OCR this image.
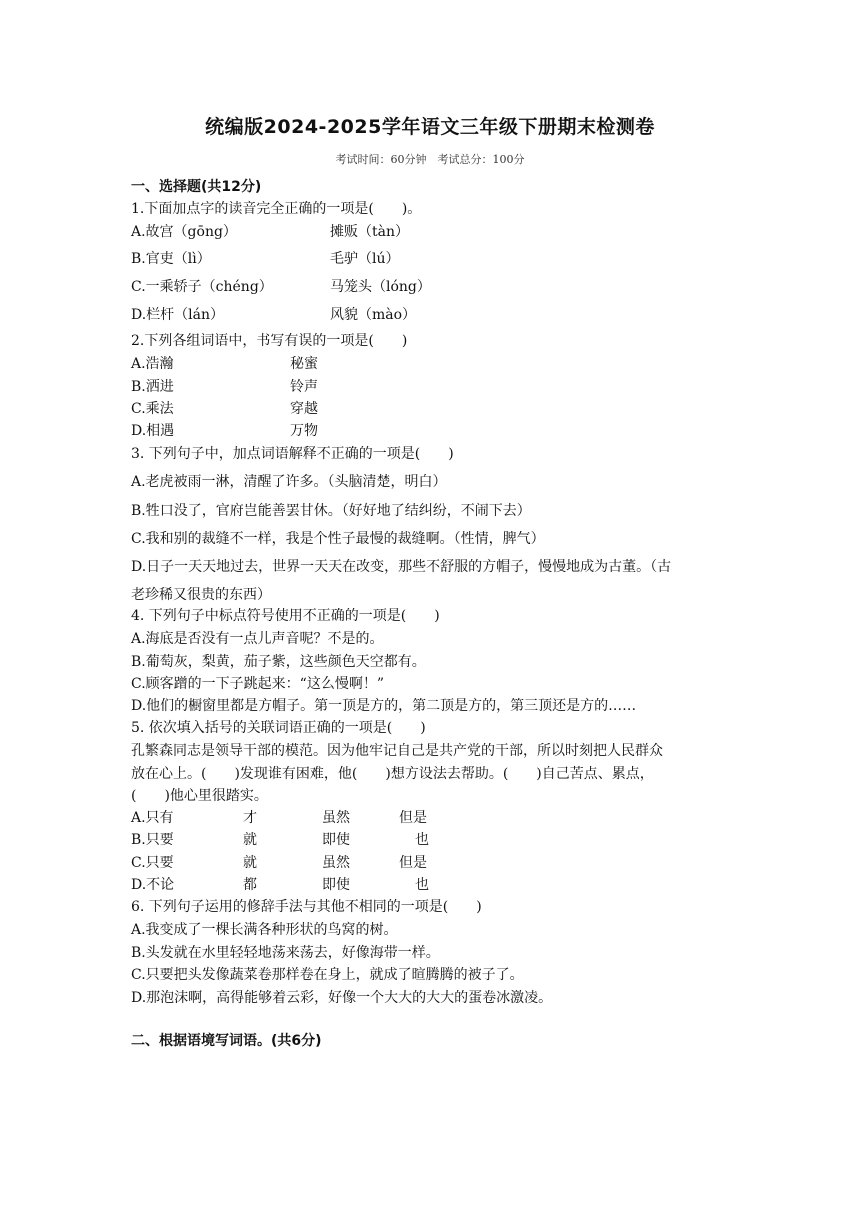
统编版2024-2025学年语文三年级下册期末检测卷
考试时间：60分钟　考试总分：100分
一、选择题(共12分)
1.下面加点字的读音完全正确的一项是(　　)。
A.故宫（gōng）	摊贩（tàn）
B.官吏（lì）	毛驴（lú）
C.一乘轿子（chéng）	马笼头（lóng）
D.栏杆（lán）	风貌（mào）
2.下列各组词语中，书写有误的一项是(　　)
A.浩瀚	秘蜜
B.洒进	铃声
C.乘法	穿越
D.相遇	万物
3. 下列句子中，加点词语解释不正确的一项是(　　)
A.老虎被雨一淋，清醒了许多。（头脑清楚，明白）
B.牲口没了，官府岂能善罢甘休。（好好地了结纠纷，不闹下去）
C.我和别的裁缝不一样，我是个性子最慢的裁缝啊。（性情，脾气）
D.日子一天天地过去，世界一天天在改变，那些不舒服的方帽子，慢慢地成为古董。（古
老珍稀又很贵的东西）
4. 下列句子中标点符号使用不正确的一项是(　　)
A.海底是否没有一点儿声音呢？不是的。
B.葡萄灰，梨黄，茄子紫，这些颜色天空都有。
C.顾客蹭的一下子跳起来：“这么慢啊！”
D.他们的橱窗里都是方帽子。第一顶是方的，第二顶是方的，第三顶还是方的……
5. 依次填入括号的关联词语正确的一项是(　　)
孔繁森同志是领导干部的模范。因为他牢记自己是共产党的干部，所以时刻把人民群众
放在心上。(　　)发现谁有困难，他(　　)想方设法去帮助。(　　)自己苦点、累点，
(　　)他心里很踏实。
A.只有	才	虽然	但是
B.只要	就	即使	也
C.只要	就	虽然	但是
D.不论	都	即使	也
6. 下列句子运用的修辞手法与其他不相同的一项是(　　)
A.我变成了一棵长满各种形状的鸟窝的树。
B.头发就在水里轻轻地荡来荡去，好像海带一样。
C.只要把头发像蔬菜卷那样卷在身上，就成了暄腾腾的被子了。
D.那泡沫啊，高得能够着云彩，好像一个大大的大大的蛋卷冰激凌。
二、根据语境写词语。(共6分)
